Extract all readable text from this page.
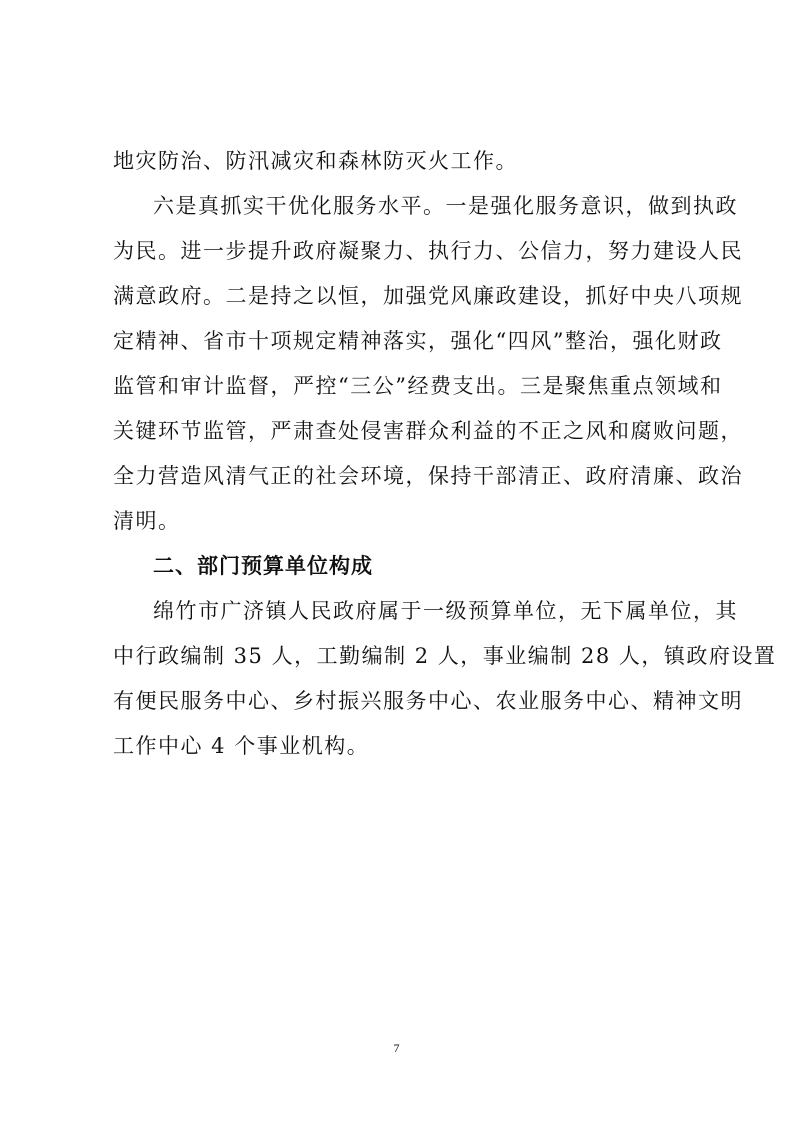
地灾防治、防汛减灾和森林防灭火工作。
六是真抓实干优化服务水平。一是强化服务意识，做到执政
为民。进一步提升政府凝聚力、执行力、公信力，努力建设人民
满意政府。二是持之以恒，加强党风廉政建设，抓好中央八项规
定精神、省市十项规定精神落实，强化“四风”整治，强化财政
监管和审计监督，严控“三公”经费支出。三是聚焦重点领域和
关键环节监管，严肃查处侵害群众利益的不正之风和腐败问题，
全力营造风清气正的社会环境，保持干部清正、政府清廉、政治
清明。
二、部门预算单位构成
绵竹市广济镇人民政府属于一级预算单位，无下属单位，其
中行政编制 35 人，工勤编制 2 人，事业编制 28 人，镇政府设置
有便民服务中心、乡村振兴服务中心、农业服务中心、精神文明
工作中心 4 个事业机构。
7
